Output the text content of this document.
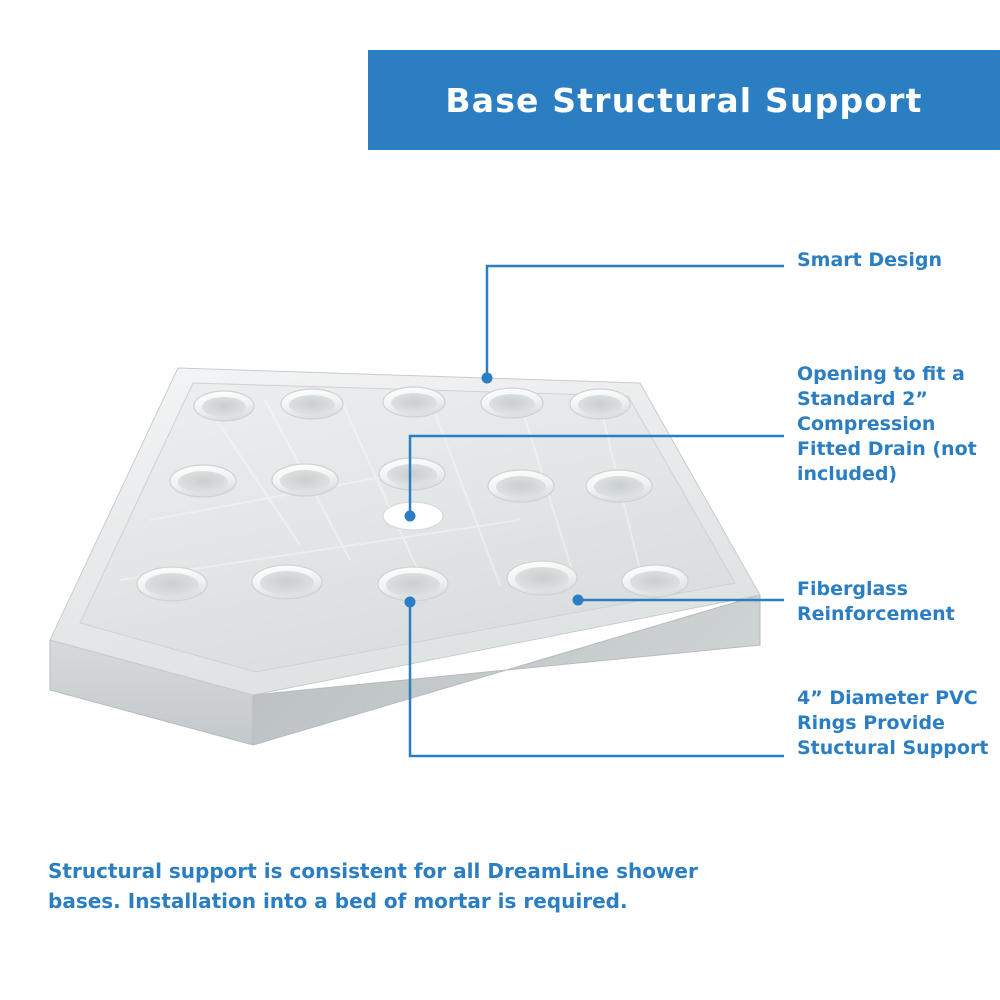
Base Structural Support
Smart Design
Opening to fit a Standard 2” Compression Fitted Drain (not included)
Fiberglass Reinforcement
4” Diameter PVC Rings Provide Stuctural Support
Structural support is consistent for all DreamLine shower bases. Installation into a bed of mortar is required.
